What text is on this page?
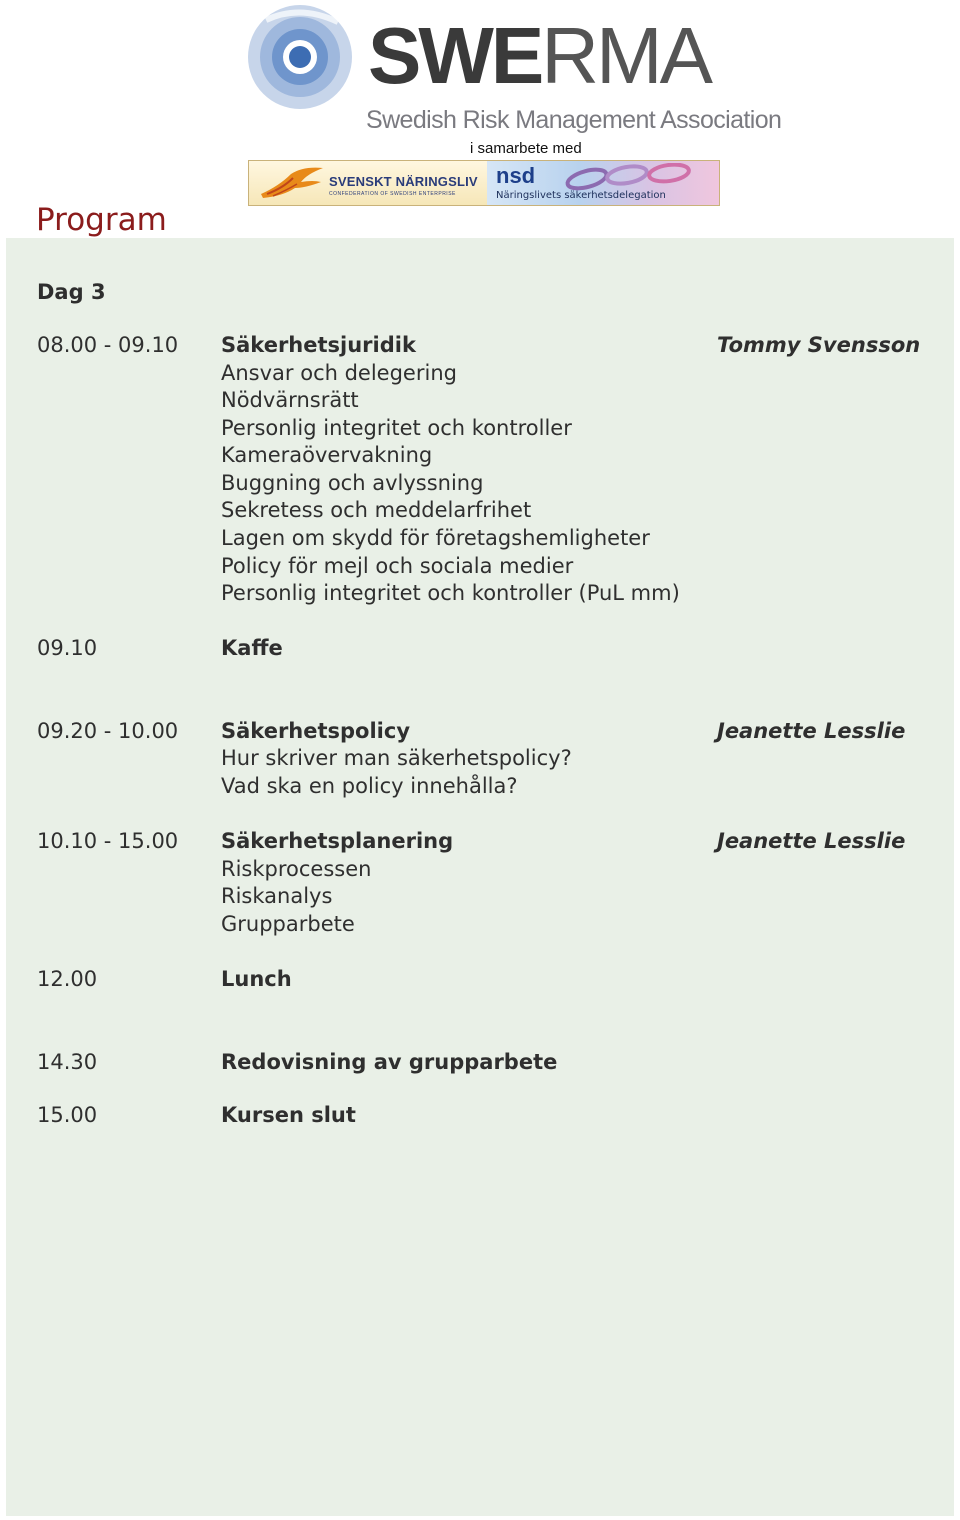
SWERMA
Swedish Risk Management Association
i samarbete med
SVENSKT NÄRINGSLIV
CONFEDERATION OF SWEDISH ENTERPRISE
nsd
Näringslivets säkerhetsdelegation
Program
Dag 3
08.00 - 09.10 Säkerhetsjuridik	Tommy Svensson
Ansvar och delegering
Nödvärnsrätt
Personlig integritet och kontroller
Kameraövervakning
Buggning och avlyssning
Sekretess och meddelarfrihet
Lagen om skydd för företagshemligheter
Policy för mejl och sociala medier
Personlig integritet och kontroller (PuL mm)
09.10	Kaffe
09.20 - 10.00 Säkerhetspolicy	Jeanette Lesslie
Hur skriver man säkerhetspolicy?
Vad ska en policy innehålla?
10.10 - 15.00 Säkerhetsplanering	Jeanette Lesslie
Riskprocessen
Riskanalys
Grupparbete
12.00	Lunch
14.30	Redovisning av grupparbete
15.00	Kursen slut
